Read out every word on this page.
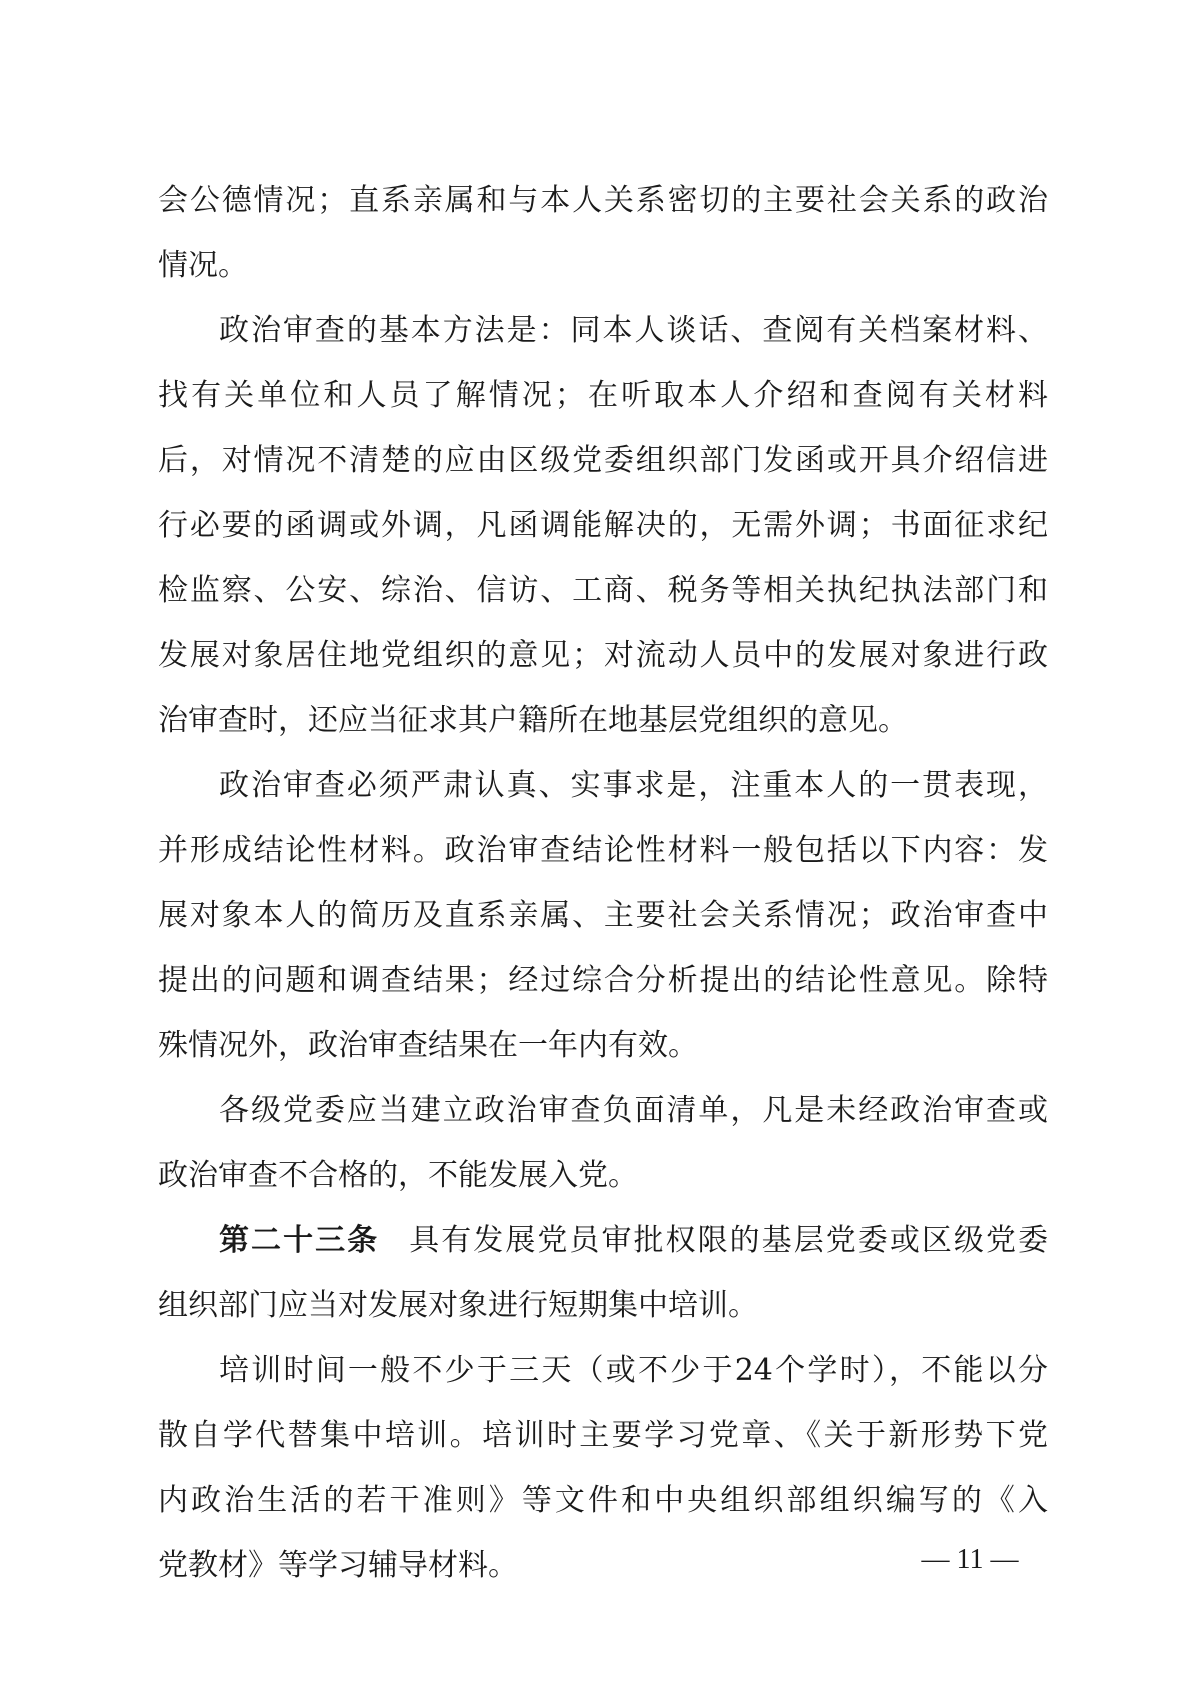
会公德情况；直系亲属和与本人关系密切的主要社会关系的政治
情况。
政治审查的基本方法是：同本人谈话、查阅有关档案材料、
找有关单位和人员了解情况；在听取本人介绍和查阅有关材料
后，对情况不清楚的应由区级党委组织部门发函或开具介绍信进
行必要的函调或外调，凡函调能解决的，无需外调；书面征求纪
检监察、公安、综治、信访、工商、税务等相关执纪执法部门和
发展对象居住地党组织的意见；对流动人员中的发展对象进行政
治审查时，还应当征求其户籍所在地基层党组织的意见。
政治审查必须严肃认真、实事求是，注重本人的一贯表现，
并形成结论性材料。政治审查结论性材料一般包括以下内容：发
展对象本人的简历及直系亲属、主要社会关系情况；政治审查中
提出的问题和调查结果；经过综合分析提出的结论性意见。除特
殊情况外，政治审查结果在一年内有效。
各级党委应当建立政治审查负面清单，凡是未经政治审查或
政治审查不合格的，不能发展入党。
第二十三条 具有发展党员审批权限的基层党委或区级党委
组织部门应当对发展对象进行短期集中培训。
培训时间一般不少于三天（或不少于24个学时），不能以分
散自学代替集中培训。培训时主要学习党章、《关于新形势下党
内政治生活的若干准则》等文件和中央组织部组织编写的《入
党教材》等学习辅导材料。	— 11 —
